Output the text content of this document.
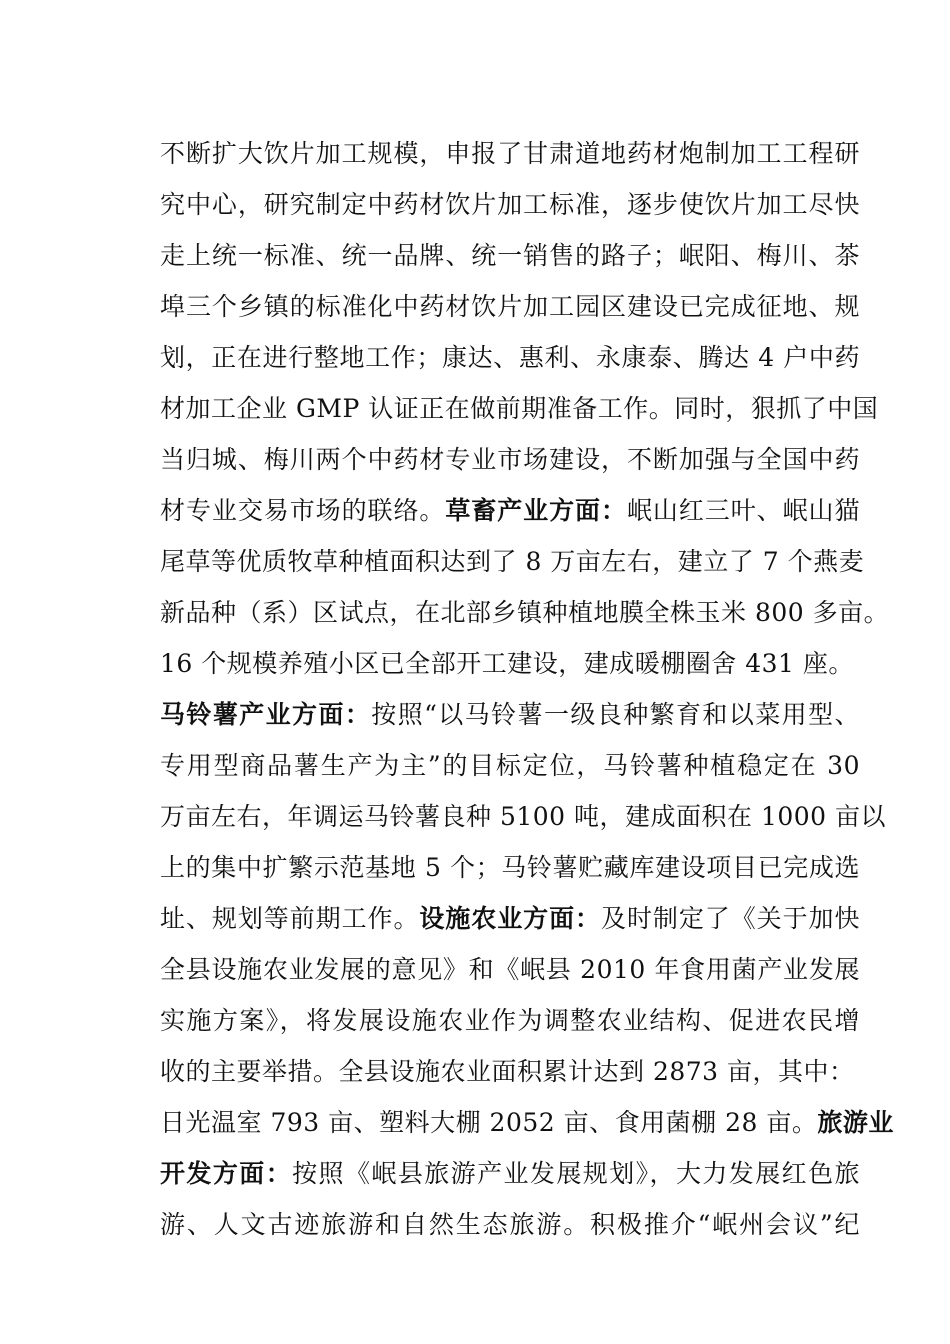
不断扩大饮片加工规模，申报了甘肃道地药材炮制加工工程研
究中心，研究制定中药材饮片加工标准，逐步使饮片加工尽快
走上统一标准、统一品牌、统一销售的路子；岷阳、梅川、茶
埠三个乡镇的标准化中药材饮片加工园区建设已完成征地、规
划，正在进行整地工作；康达、惠利、永康泰、腾达 4 户中药
材加工企业 GMP 认证正在做前期准备工作。同时，狠抓了中国
当归城、梅川两个中药材专业市场建设，不断加强与全国中药
材专业交易市场的联络。草畜产业方面：岷山红三叶、岷山猫
尾草等优质牧草种植面积达到了 8 万亩左右，建立了 7 个燕麦
新品种（系）区试点，在北部乡镇种植地膜全株玉米 800 多亩。
16 个规模养殖小区已全部开工建设，建成暖棚圈舍 431 座。
马铃薯产业方面：按照“以马铃薯一级良种繁育和以菜用型、
专用型商品薯生产为主”的目标定位，马铃薯种植稳定在 30
万亩左右，年调运马铃薯良种 5100 吨，建成面积在 1000 亩以
上的集中扩繁示范基地 5 个；马铃薯贮藏库建设项目已完成选
址、规划等前期工作。设施农业方面：及时制定了《关于加快
全县设施农业发展的意见》和《岷县 2010 年食用菌产业发展
实施方案》，将发展设施农业作为调整农业结构、促进农民增
收的主要举措。全县设施农业面积累计达到 2873 亩，其中：
日光温室 793 亩、塑料大棚 2052 亩、食用菌棚 28 亩。旅游业
开发方面：按照《岷县旅游产业发展规划》，大力发展红色旅
游、人文古迹旅游和自然生态旅游。积极推介“岷州会议”纪
